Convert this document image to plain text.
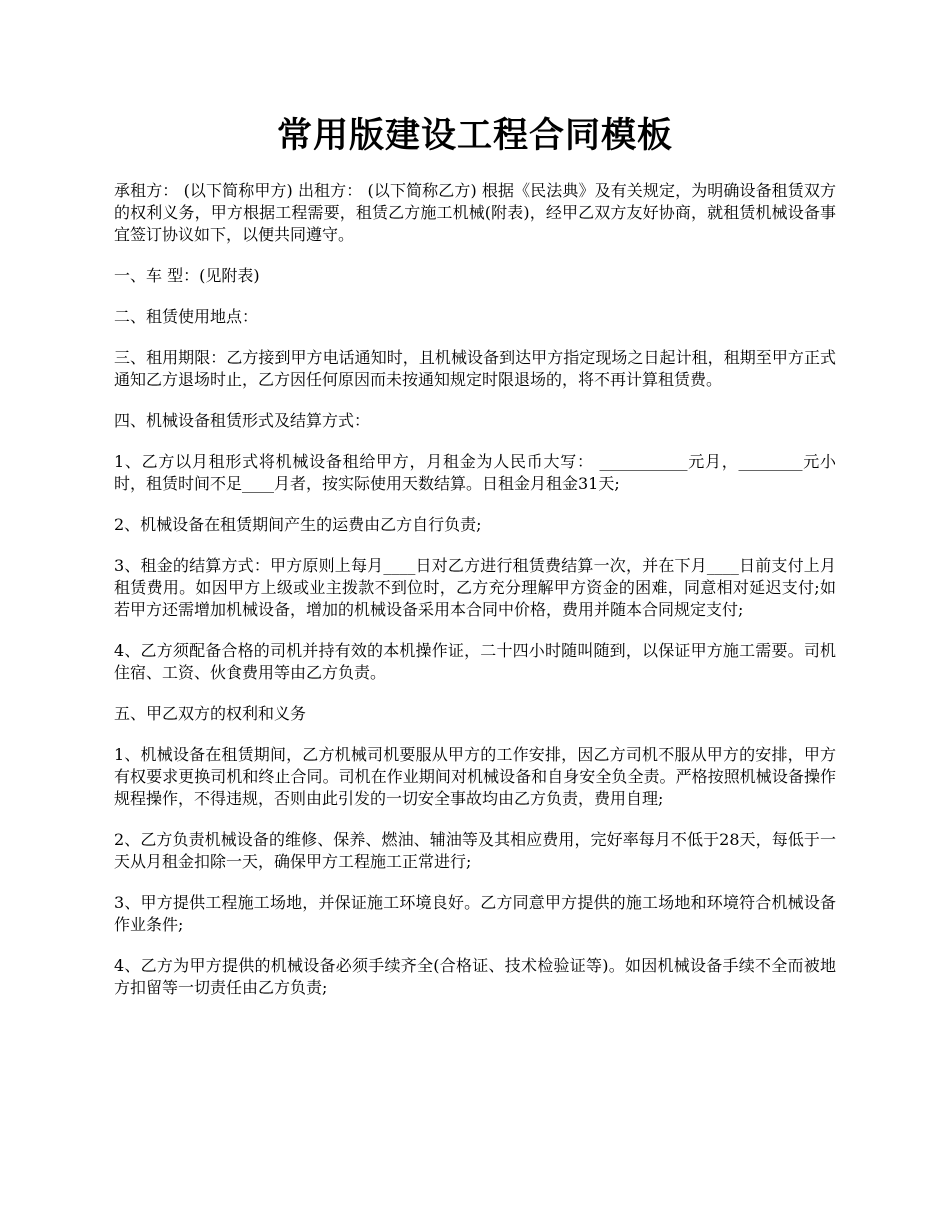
常用版建设工程合同模板

承租方： (以下简称甲方) 出租方： (以下简称乙方) 根据《民法典》及有关规定，为明确设备租赁双方的权利义务，甲方根据工程需要，租赁乙方施工机械(附表)，经甲乙双方友好协商，就租赁机械设备事宜签订协议如下，以便共同遵守。

一、车 型：(见附表)

二、租赁使用地点：

三、租用期限：乙方接到甲方电话通知时，且机械设备到达甲方指定现场之日起计租，租期至甲方正式通知乙方退场时止，乙方因任何原因而未按通知规定时限退场的，将不再计算租赁费。

四、机械设备租赁形式及结算方式：

1、乙方以月租形式将机械设备租给甲方，月租金为人民币大写： ___________元月，________元小时，租赁时间不足____月者，按实际使用天数结算。日租金月租金31天;

2、机械设备在租赁期间产生的运费由乙方自行负责;

3、租金的结算方式：甲方原则上每月____日对乙方进行租赁费结算一次，并在下月____日前支付上月租赁费用。如因甲方上级或业主拨款不到位时，乙方充分理解甲方资金的困难，同意相对延迟支付;如若甲方还需增加机械设备，增加的机械设备采用本合同中价格，费用并随本合同规定支付;

4、乙方须配备合格的司机并持有效的本机操作证，二十四小时随叫随到，以保证甲方施工需要。司机住宿、工资、伙食费用等由乙方负责。

五、甲乙双方的权利和义务

1、机械设备在租赁期间，乙方机械司机要服从甲方的工作安排，因乙方司机不服从甲方的安排，甲方有权要求更换司机和终止合同。司机在作业期间对机械设备和自身安全负全责。严格按照机械设备操作规程操作，不得违规，否则由此引发的一切安全事故均由乙方负责，费用自理;

2、乙方负责机械设备的维修、保养、燃油、辅油等及其相应费用，完好率每月不低于28天，每低于一天从月租金扣除一天，确保甲方工程施工正常进行;

3、甲方提供工程施工场地，并保证施工环境良好。乙方同意甲方提供的施工场地和环境符合机械设备作业条件;

4、乙方为甲方提供的机械设备必须手续齐全(合格证、技术检验证等)。如因机械设备手续不全而被地方扣留等一切责任由乙方负责;
